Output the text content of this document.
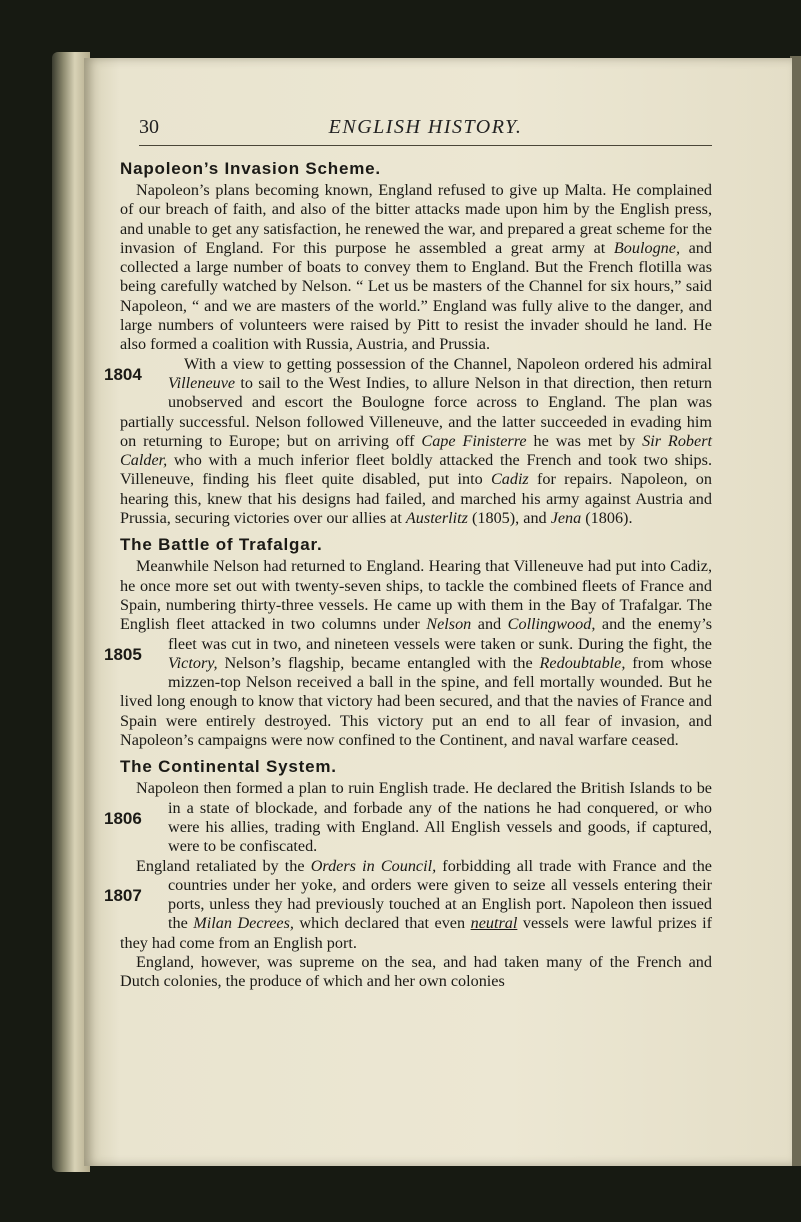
30	ENGLISH HISTORY.
Napoleon’s Invasion Scheme.

Napoleon’s plans becoming known, England refused to give up Malta. He complained of our breach of faith, and also of the bitter attacks made upon him by the English press, and unable to get any satisfaction, he renewed the war, and prepared a great scheme for the invasion of England. For this purpose he assembled a great army at Boulogne, and collected a large number of boats to convey them to England. But the French flotilla was being carefully watched by Nelson. “ Let us be masters of the Channel for six hours,” said Napoleon, “ and we are masters of the world.” England was fully alive to the danger, and large numbers of volunteers were raised by Pitt to resist the invader should he land. He also formed a coalition with Russia, Austria, and Prussia.

With a view to getting possession of the Channel, Napoleon ordered his
1804
admiral Villeneuve to sail to the West Indies, to allure Nelson in that direction, then return unobserved and escort the Boulogne force across to England. The plan was partially successful. Nelson followed Villeneuve, and the latter succeeded in evading him on returning to Europe; but on arriving off Cape Finisterre he was met by Sir Robert Calder, who with a much inferior fleet boldly attacked the French and took two ships. Villeneuve, finding his fleet quite disabled, put into Cadiz for repairs. Napoleon, on hearing this, knew that his designs had failed, and marched his army against Austria and Prussia, securing victories over our allies at Austerlitz (1805), and Jena (1806).

The Battle of Trafalgar.

Meanwhile Nelson had returned to England. Hearing that Villeneuve had put into Cadiz, he once more set out with twenty-seven ships, to tackle the combined fleets of France and Spain, numbering thirty-three vessels. He came up with them in the Bay of Trafalgar. The English fleet attacked in two columns under Nelson and Collingwood, and the enemy’s
1805
fleet was cut in two, and nineteen vessels were taken or sunk. During the fight, the Victory, Nelson’s flagship, became entangled with the Redoubtable, from whose mizzen-top Nelson received a ball in the spine, and fell mortally wounded. But he lived long enough to know that victory had been secured, and that the navies of France and Spain were entirely destroyed. This victory put an end to all fear of invasion, and Napoleon’s campaigns were now confined to the Continent, and naval warfare ceased.

The Continental System.

Napoleon then formed a plan to ruin English trade. He declared the British Islands to be in a state of blockade, and forbade any of the nations
1806
he had conquered, or who were his allies, trading with England. All English vessels and goods, if captured, were to be confiscated.

England retaliated by the Orders in Council, forbidding all trade with France and the countries under her yoke, and orders were given to seize
1807
all vessels entering their ports, unless they had previously touched at an English port. Napoleon then issued the Milan Decrees, which declared that even neutral vessels were lawful prizes if they had come from an English port.

England, however, was supreme on the sea, and had taken many of the French and Dutch colonies, the produce of which and her own colonies
